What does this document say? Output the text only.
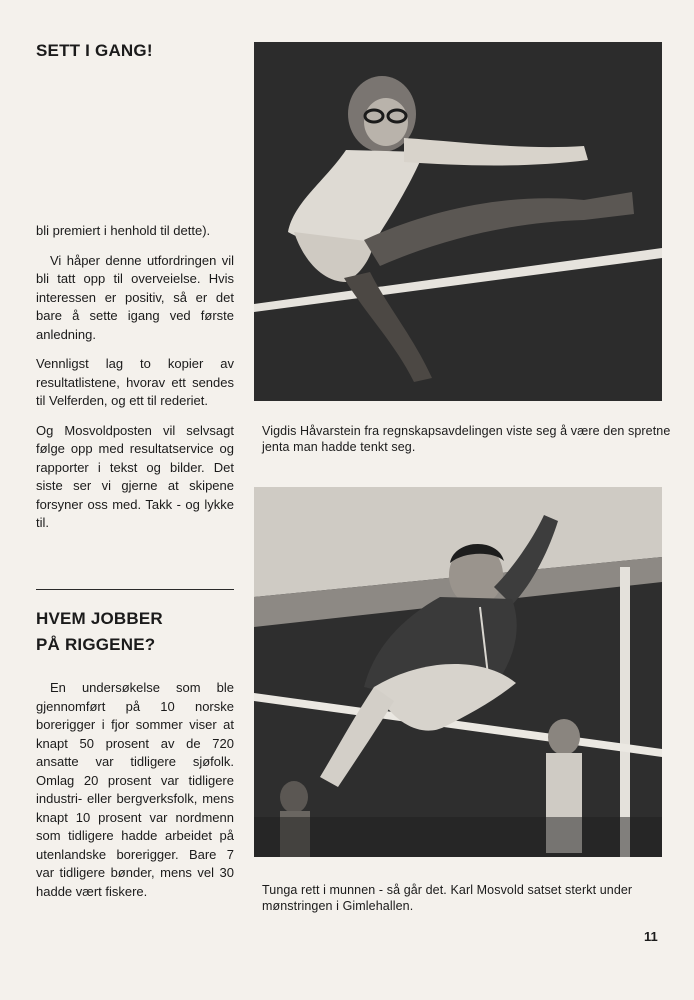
SETT I GANG!

bli premiert i henhold til dette).

Vi håper denne utfordringen vil bli tatt opp til overveielse. Hvis interessen er positiv, så er det bare å sette igang ved første anledning.

Vennligst lag to kopier av resultatlistene, hvorav ett sendes til Velferden, og ett til rederiet.

Og Mosvoldposten vil selvsagt følge opp med resultatservice og rapporter i tekst og bilder. Det siste ser vi gjerne at skipene forsyner oss med. Takk - og lykke til.

HVEM JOBBER
PÅ RIGGENE?

En undersøkelse som ble gjennomført på 10 norske borerigger i fjor sommer viser at knapt 50 prosent av de 720 ansatte var tidligere sjøfolk. Omlag 20 prosent var tidligere industri- eller bergverksfolk, mens knapt 10 prosent var nordmenn som tidligere hadde arbeidet på utenlandske borerigger. Bare 7 var tidligere bønder, mens vel 30 hadde vært fiskere.

Vigdis Håvarstein fra regnskapsavdelingen viste seg å være den spretne jenta man hadde tenkt seg.
Tunga rett i munnen - så går det. Karl Mosvold satset sterkt under mønstringen i Gimlehallen.
11
